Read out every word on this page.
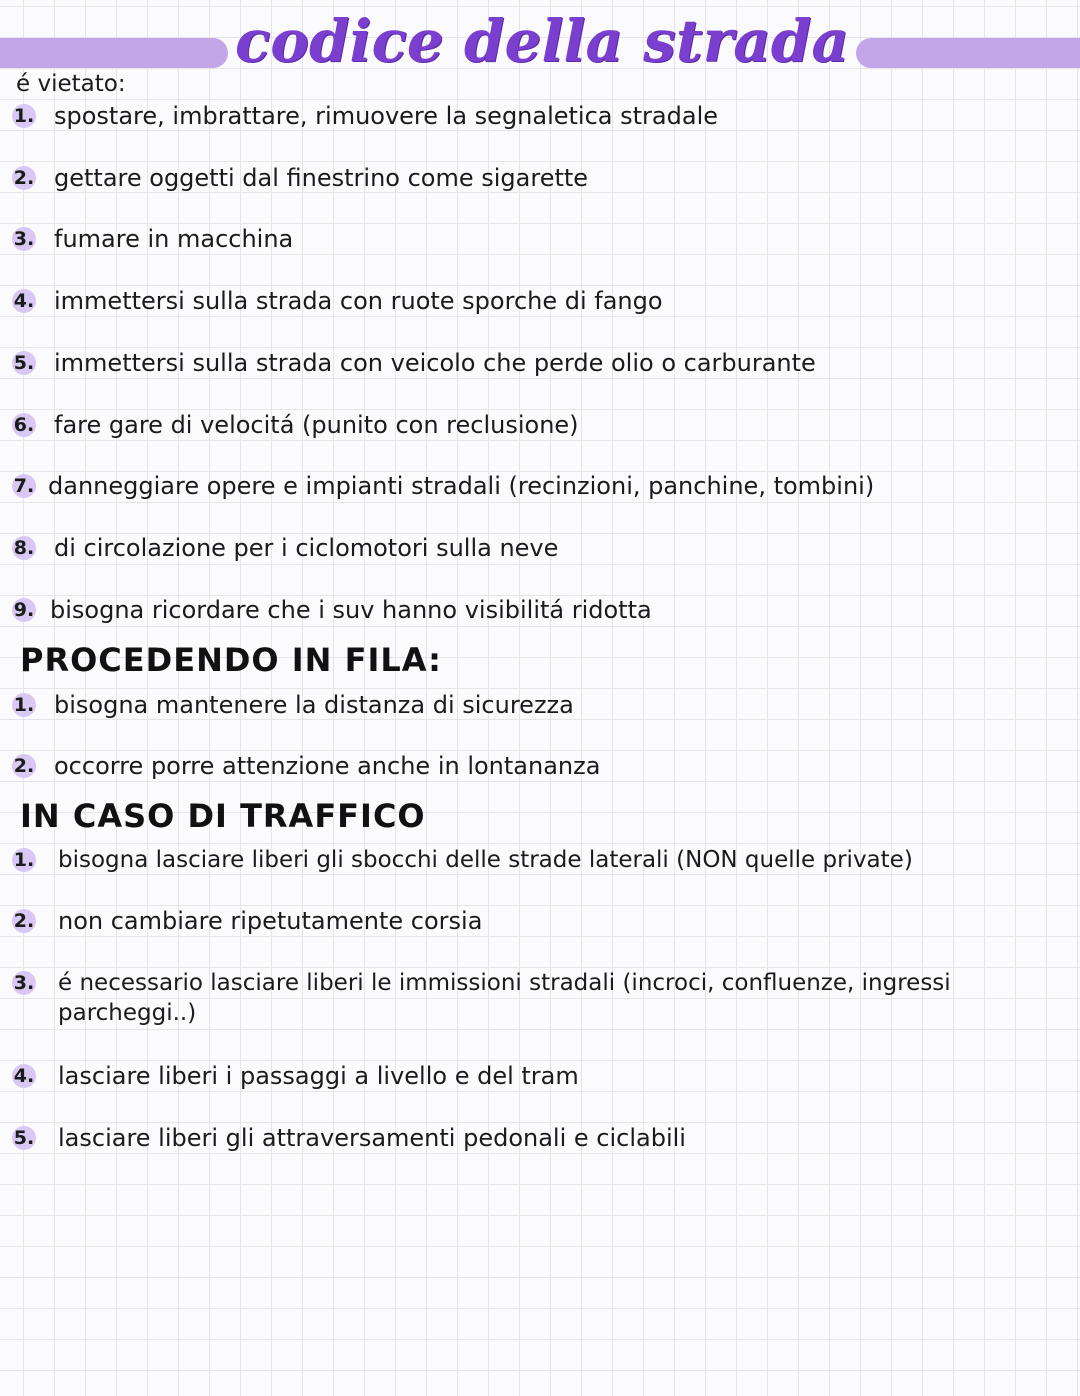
codice della strada
é vietato:
1. spostare, imbrattare, rimuovere la segnaletica stradale
2. gettare oggetti dal finestrino come sigarette
3. fumare in macchina
4. immettersi sulla strada con ruote sporche di fango
5. immettersi sulla strada con veicolo che perde olio o carburante
6. fare gare di velocitá (punito con reclusione)
7. danneggiare opere e impianti stradali (recinzioni, panchine, tombini)
8. di circolazione per i ciclomotori sulla neve
9. bisogna ricordare che i suv hanno visibilitá ridotta
PROCEDENDO IN FILA:
1. bisogna mantenere la distanza di sicurezza
2. occorre porre attenzione anche in lontananza
IN CASO DI TRAFFICO
1. bisogna lasciare liberi gli sbocchi delle strade laterali (NON quelle private)
2. non cambiare ripetutamente corsia
3. é necessario lasciare liberi le immissioni stradali (incroci, confluenze, ingressi parcheggi..)
4. lasciare liberi i passaggi a livello e del tram
5. lasciare liberi gli attraversamenti pedonali e ciclabili
